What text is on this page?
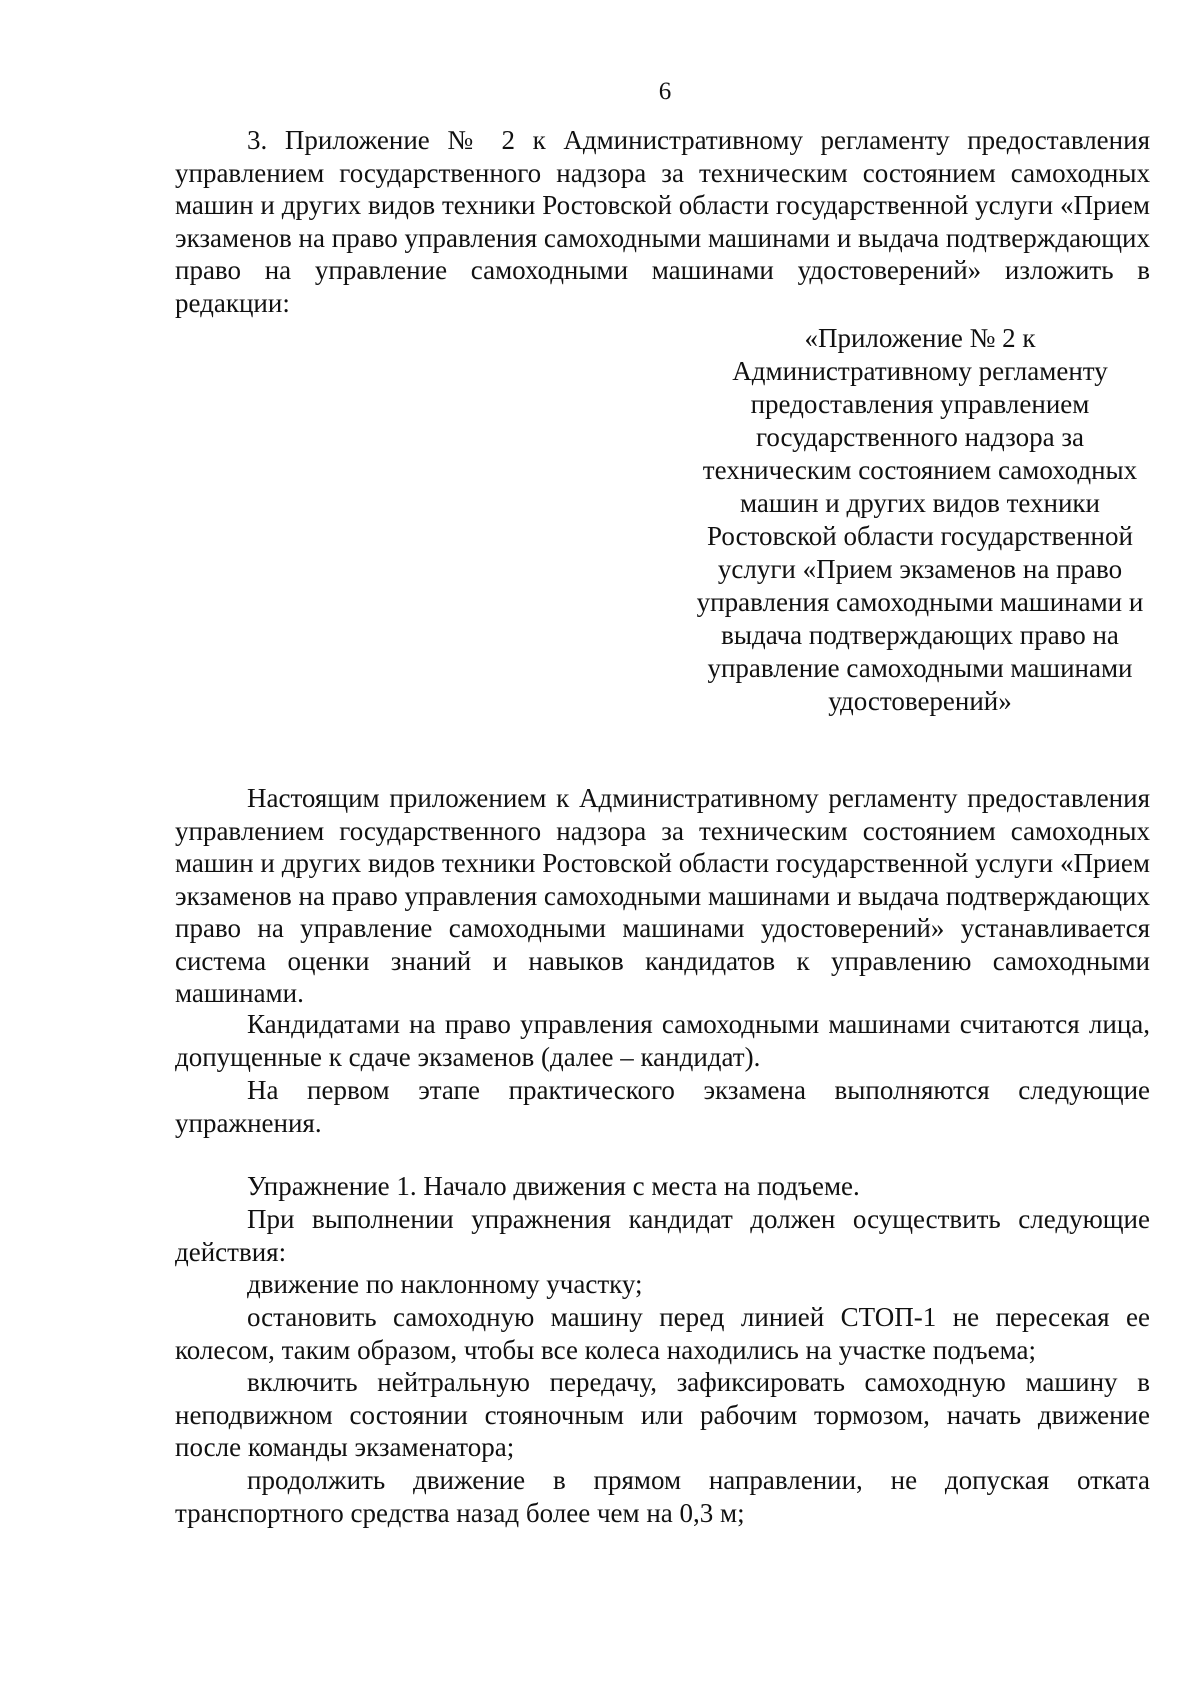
6

3. Приложение № 2 к Административному регламенту предоставления управлением государственного надзора за техническим состоянием самоходных машин и других видов техники Ростовской области государственной услуги «Прием экзаменов на право управления самоходными машинами и выдача подтверждающих право на управление самоходными машинами удостоверений» изложить в редакции:

«Приложение № 2 к Административному регламенту предоставления управлением государственного надзора за техническим состоянием самоходных машин и других видов техники Ростовской области государственной услуги «Прием экзаменов на право управления самоходными машинами и выдача подтверждающих право на управление самоходными машинами удостоверений»

Настоящим приложением к Административному регламенту предоставления управлением государственного надзора за техническим состоянием самоходных машин и других видов техники Ростовской области государственной услуги «Прием экзаменов на право управления самоходными машинами и выдача подтверждающих право на управление самоходными машинами удостоверений» устанавливается система оценки знаний и навыков кандидатов к управлению самоходными машинами.

Кандидатами на право управления самоходными машинами считаются лица, допущенные к сдаче экзаменов (далее – кандидат).

На первом этапе практического экзамена выполняются следующие упражнения.

Упражнение 1. Начало движения с места на подъеме.

При выполнении упражнения кандидат должен осуществить следующие действия:

движение по наклонному участку;

остановить самоходную машину перед линией СТОП-1 не пересекая ее колесом, таким образом, чтобы все колеса находились на участке подъема;

включить нейтральную передачу, зафиксировать самоходную машину в неподвижном состоянии стояночным или рабочим тормозом, начать движение после команды экзаменатора;

продолжить движение в прямом направлении, не допуская отката транспортного средства назад более чем на 0,3 м;
